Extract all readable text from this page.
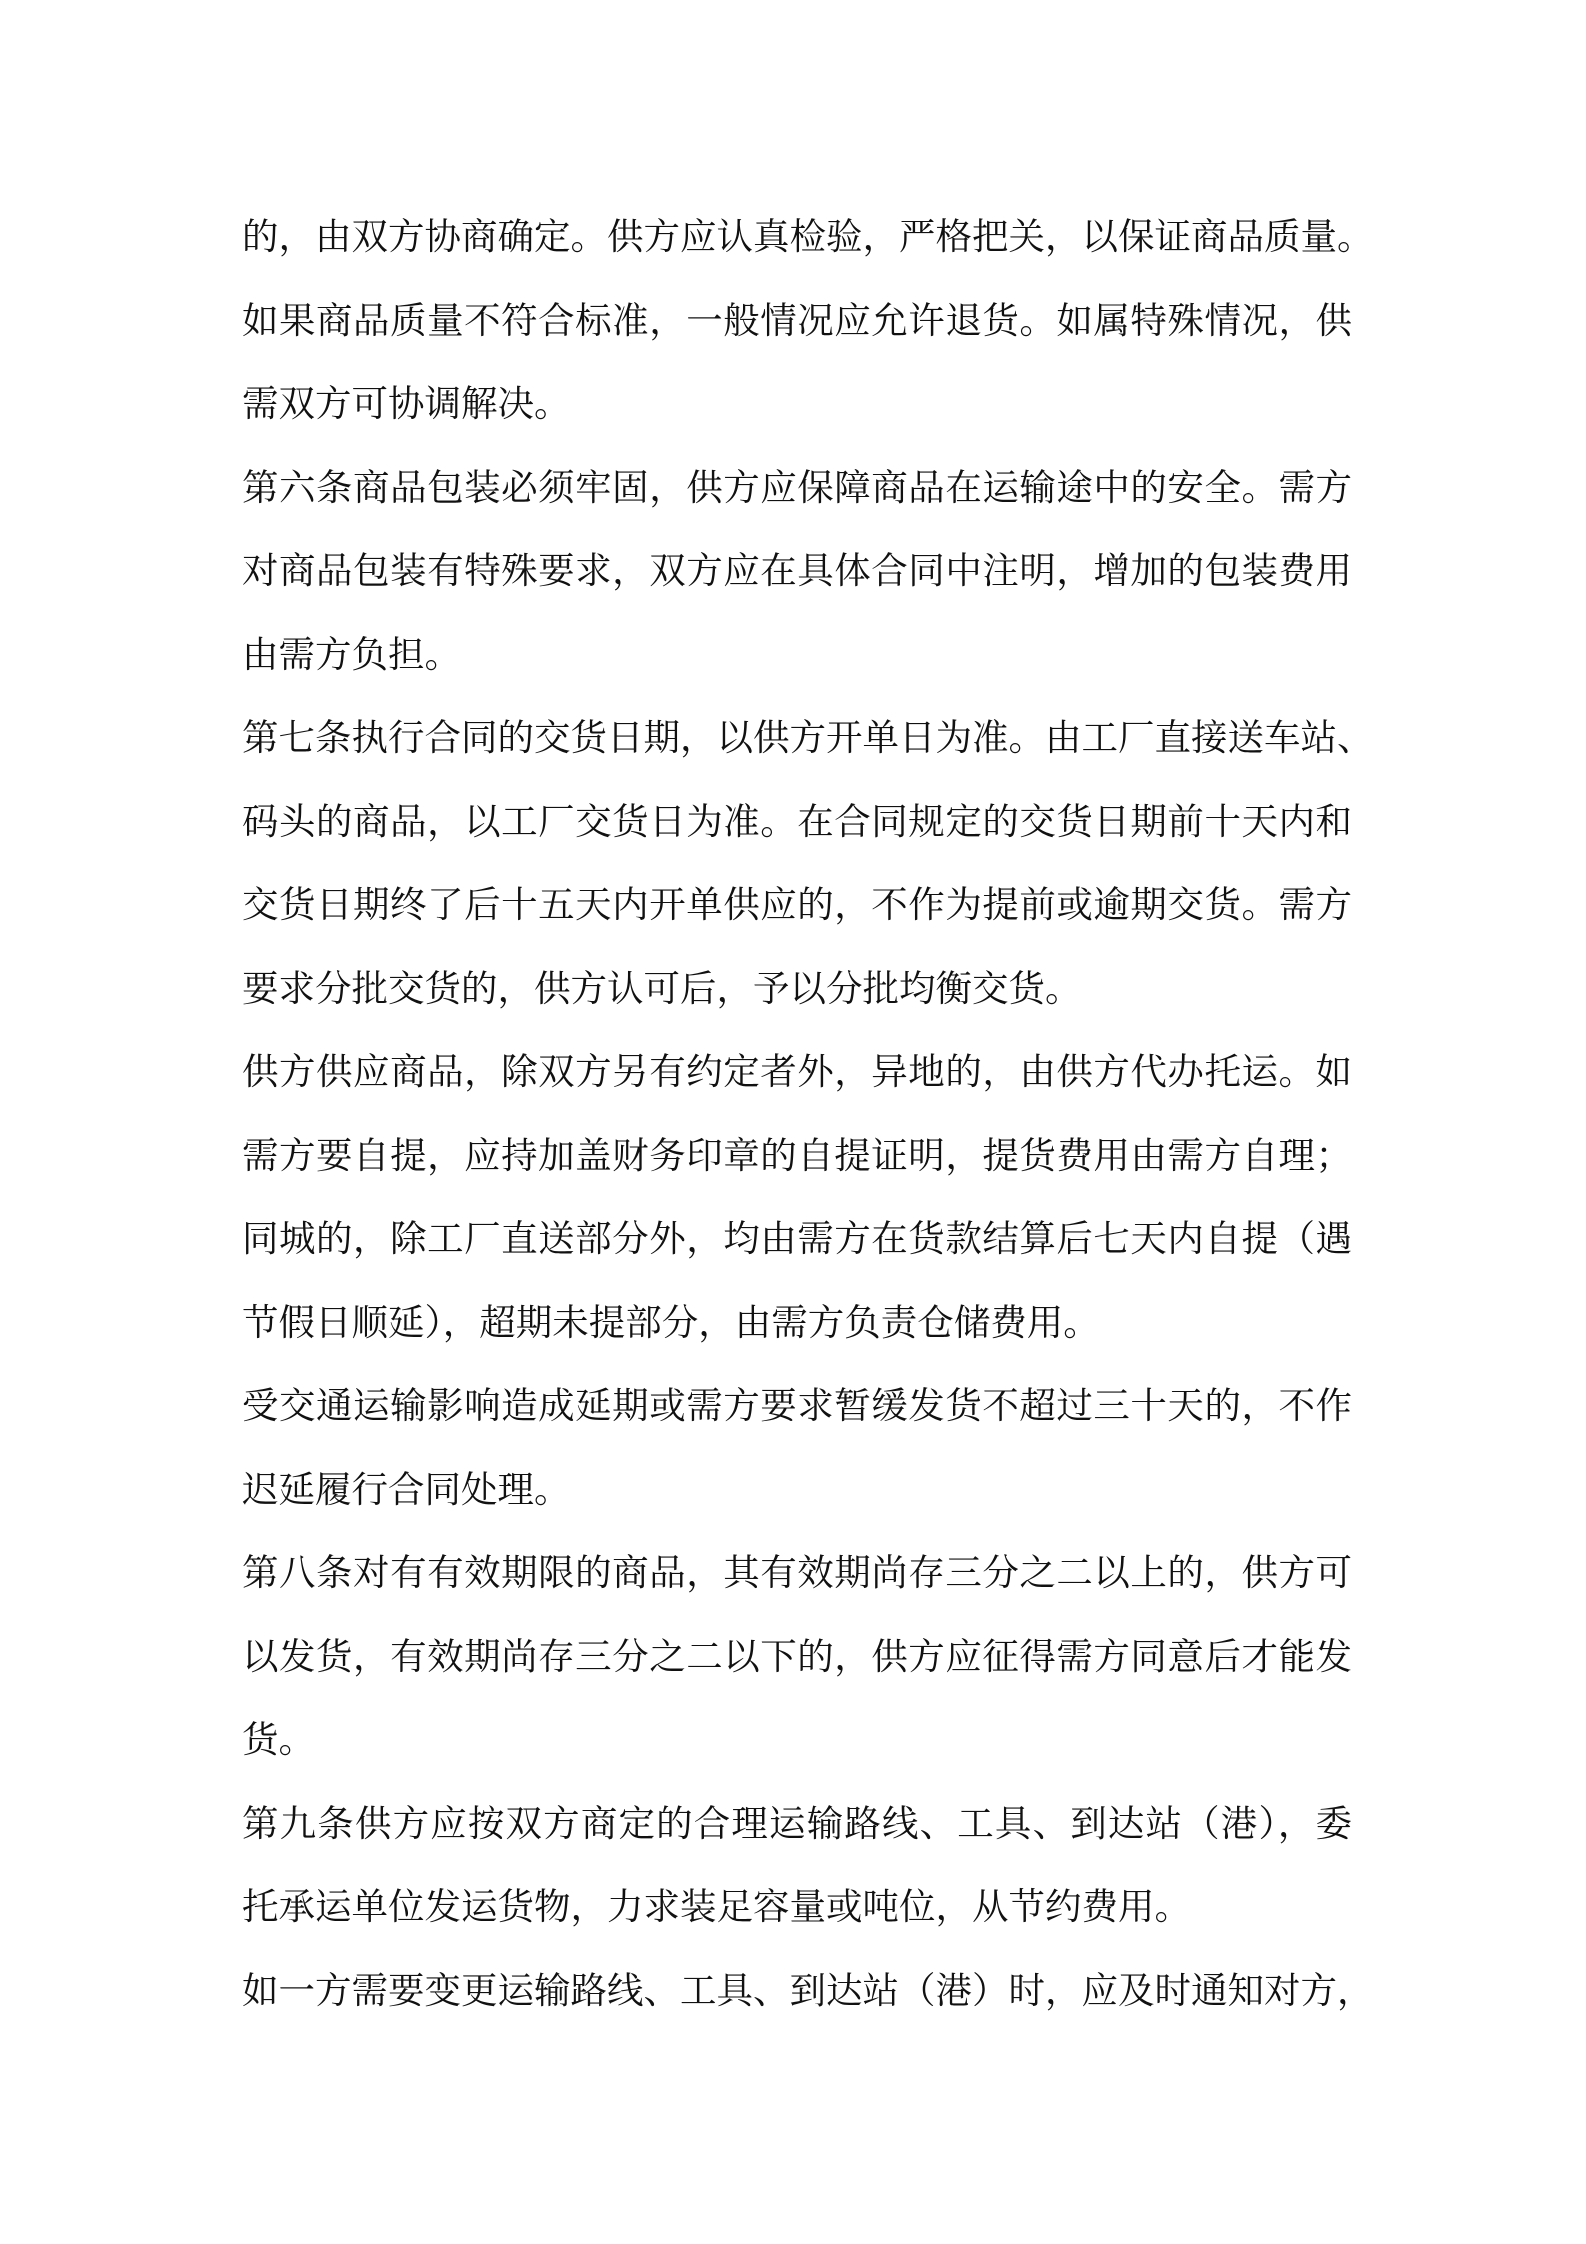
的，由双方协商确定。供方应认真检验，严格把关，以保证商品质量。
如果商品质量不符合标准，一般情况应允许退货。如属特殊情况，供
需双方可协调解决。
第六条商品包装必须牢固，供方应保障商品在运输途中的安全。需方
对商品包装有特殊要求，双方应在具体合同中注明，增加的包装费用
由需方负担。
第七条执行合同的交货日期，以供方开单日为准。由工厂直接送车站、
码头的商品，以工厂交货日为准。在合同规定的交货日期前十天内和
交货日期终了后十五天内开单供应的，不作为提前或逾期交货。需方
要求分批交货的，供方认可后，予以分批均衡交货。
供方供应商品，除双方另有约定者外，异地的，由供方代办托运。如
需方要自提，应持加盖财务印章的自提证明，提货费用由需方自理；
同城的，除工厂直送部分外，均由需方在货款结算后七天内自提（遇
节假日顺延），超期未提部分，由需方负责仓储费用。
受交通运输影响造成延期或需方要求暂缓发货不超过三十天的，不作
迟延履行合同处理。
第八条对有有效期限的商品，其有效期尚存三分之二以上的，供方可
以发货，有效期尚存三分之二以下的，供方应征得需方同意后才能发
货。
第九条供方应按双方商定的合理运输路线、工具、到达站（港），委
托承运单位发运货物，力求装足容量或吨位，从节约费用。
如一方需要变更运输路线、工具、到达站（港）时，应及时通知对方，
